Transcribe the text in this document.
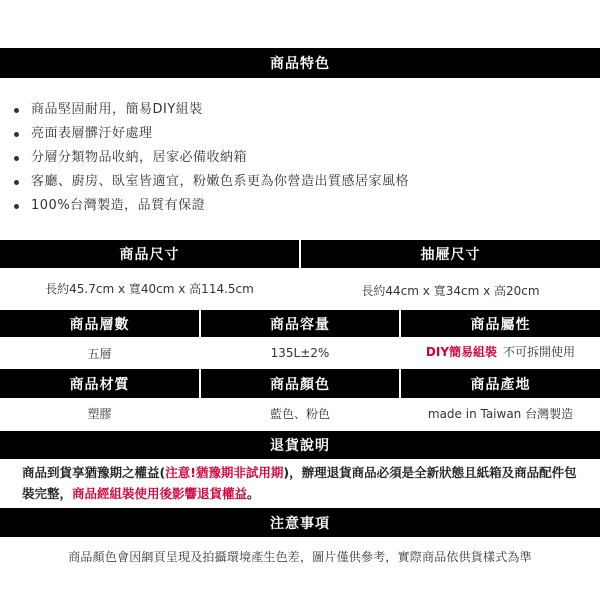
商品特色
商品堅固耐用，簡易DIY組裝
亮面表層髒汙好處理
分層分類物品收納，居家必備收納箱
客廳、廚房、臥室皆適宜，粉嫩色系更為你營造出質感居家風格
100%台灣製造，品質有保證
商品尺寸	抽屜尺寸
長約45.7cm x 寬40cm x 高114.5cm	長約44cm x 寬34cm x 高20cm
商品層數	商品容量	商品屬性
五層	135L±2%	DIY簡易組裝 不可拆開使用
商品材質	商品顏色	商品產地
塑膠	藍色、粉色	made in Taiwan 台灣製造
退貨說明
商品到貨享猶豫期之權益(注意!猶豫期非試用期)，辦理退貨商品必須是全新狀態且紙箱及商品配件包裝完整，商品經組裝使用後影響退貨權益。
注意事項
商品顏色會因網頁呈現及拍攝環境產生色差，圖片僅供參考，實際商品依供貨樣式為準
